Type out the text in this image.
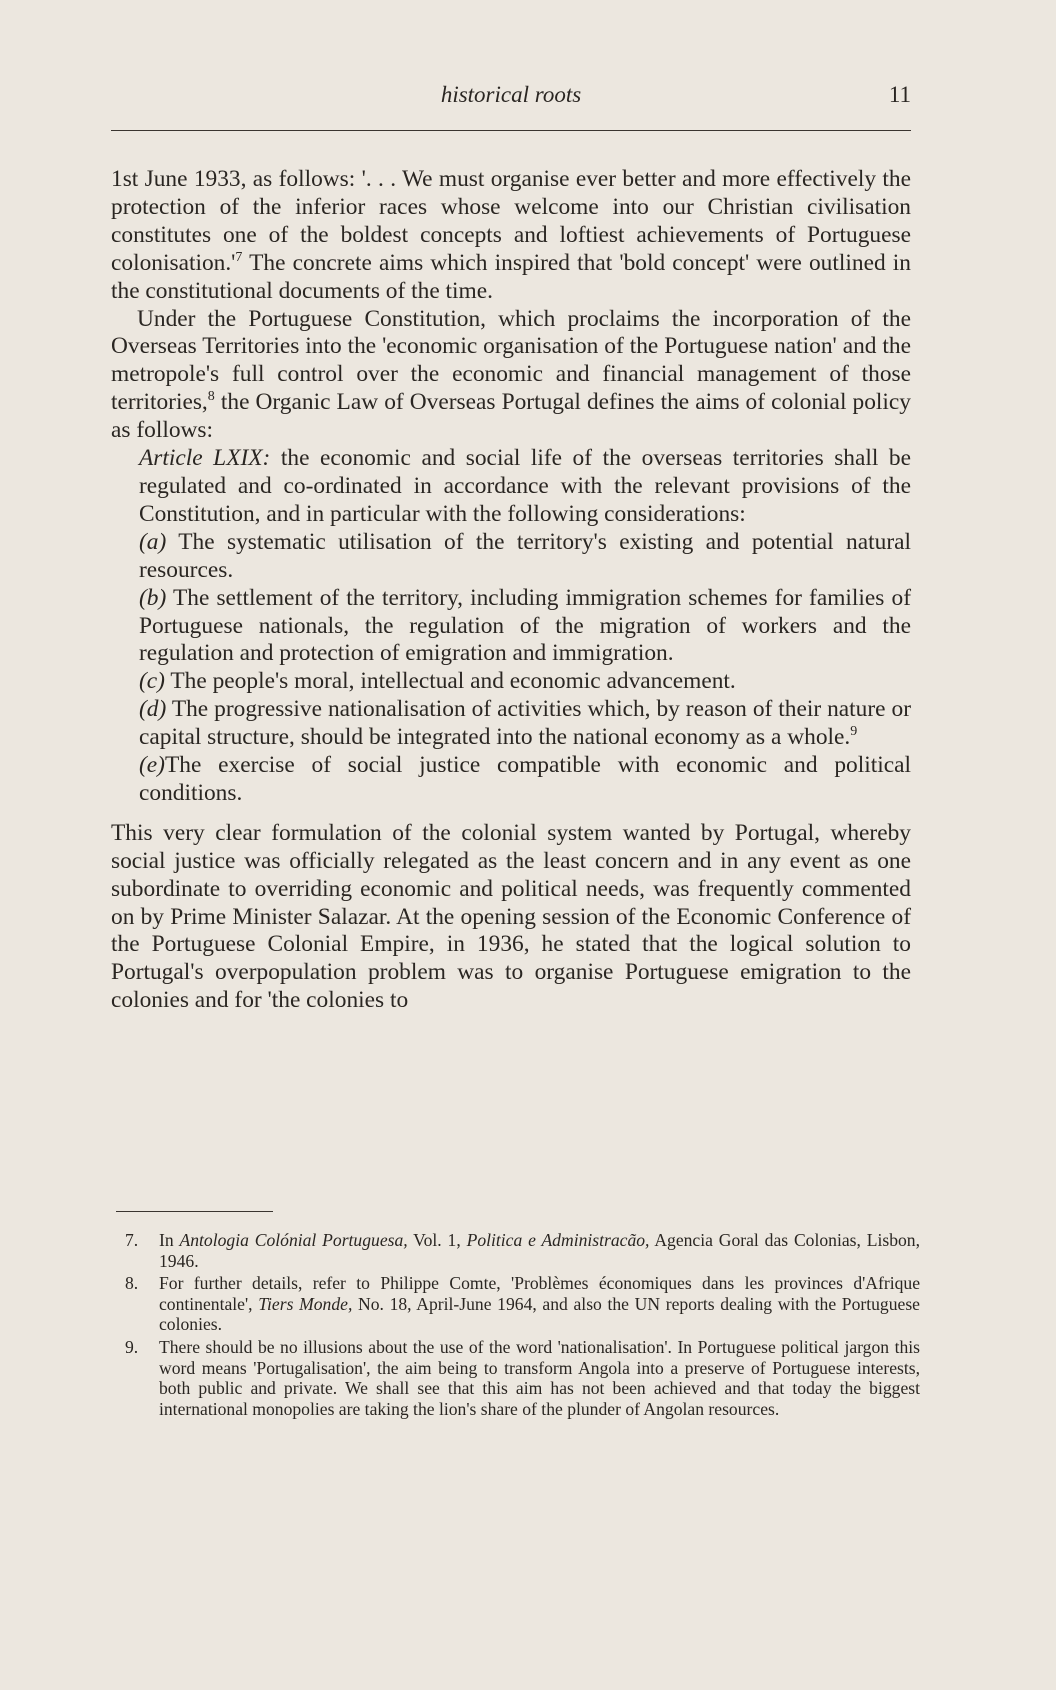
historical roots	11

1st June 1933, as follows: '. . . We must organise ever better and more effectively the protection of the inferior races whose welcome into our Christian civilisation constitutes one of the boldest concepts and loftiest achievements of Portuguese $colonisation.'^7$ The concrete aims which inspired that 'bold concept' were outlined in the constitutional documents of the time.

Under the Portuguese Constitution, which proclaims the incorporation of the Overseas Territories into the 'economic organisation of the Portuguese nation' and the metropole's full control over the economic and financial management of those territories,$^8$ the Organic Law of Overseas Portugal defines the aims of colonial policy as follows:

Article LXIX: the economic and social life of the overseas territories shall be regulated and co-ordinated in accordance with the relevant provisions of the Constitution, and in particular with the following considerations:

(a) The systematic utilisation of the territory's existing and potential natural resources.

(b) The settlement of the territory, including immigration schemes for families of Portuguese nationals, the regulation of the migration of workers and the regulation and protection of emigration and immigration.

(c) The people's moral, intellectual and economic advancement.

(d) The progressive nationalisation of activities which, by reason of their nature or capital structure, should be integrated into the national economy as a whole.$^9$

(e)The exercise of social justice compatible with economic and political conditions.

This very clear formulation of the colonial system wanted by Portugal, whereby social justice was officially relegated as the least concern and in any event as one subordinate to overriding economic and political needs, was frequently commented on by Prime Minister Salazar. At the opening session of the Economic Conference of the Portuguese Colonial Empire, in 1936, he stated that the logical solution to Portugal's overpopulation problem was to organise Portuguese emigration to the colonies and for 'the colonies to

7. In Antologia Colónial Portuguesa, Vol. 1, Politica e Administracão, Agencia Goral das Colonias, Lisbon, 1946.
8. For further details, refer to Philippe Comte, 'Problèmes économiques dans les provinces d'Afrique continentale', Tiers Monde, No. 18, April-June 1964, and also the UN reports dealing with the Portuguese colonies.
9. There should be no illusions about the use of the word 'nationalisation'. In Portuguese political jargon this word means 'Portugalisation', the aim being to transform Angola into a preserve of Portuguese interests, both public and private. We shall see that this aim has not been achieved and that today the biggest international monopolies are taking the lion's share of the plunder of Angolan resources.
